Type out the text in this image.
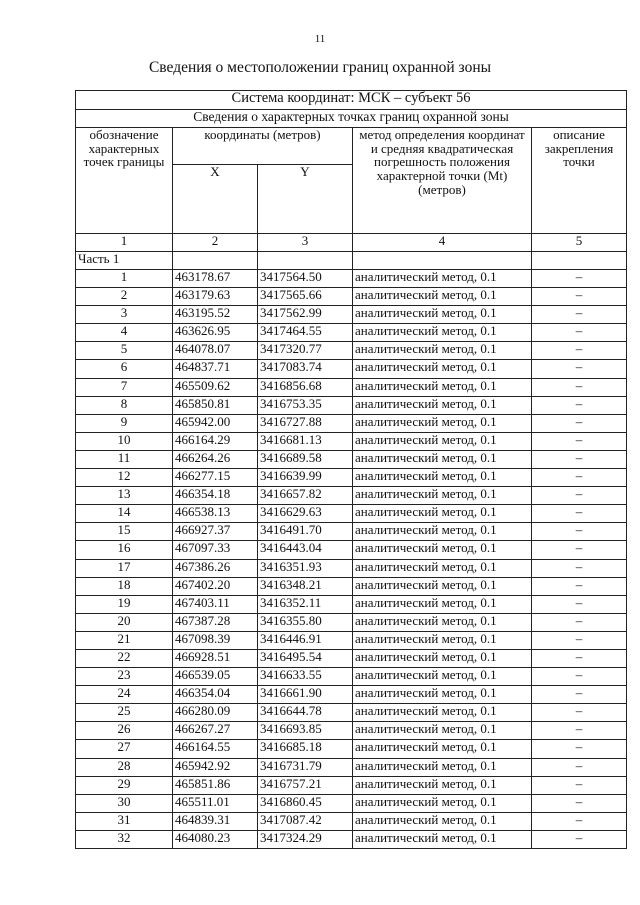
11
Сведения о местоположении границ охранной зоны
Система координат: МСК – субъект 56				
Сведения о характерных точках границ охранной зоны				
обозначение характерных точек границы	координаты (метров)		метод определения координат и средняя квадратическая погрешность положения характерной точки (Mt) (метров)	описание закрепления точки
	X	Y		
1	2	3	4	5
Часть 1				
1	463178.67	3417564.50	аналитический метод, 0.1	–
2	463179.63	3417565.66	аналитический метод, 0.1	–
3	463195.52	3417562.99	аналитический метод, 0.1	–
4	463626.95	3417464.55	аналитический метод, 0.1	–
5	464078.07	3417320.77	аналитический метод, 0.1	–
6	464837.71	3417083.74	аналитический метод, 0.1	–
7	465509.62	3416856.68	аналитический метод, 0.1	–
8	465850.81	3416753.35	аналитический метод, 0.1	–
9	465942.00	3416727.88	аналитический метод, 0.1	–
10	466164.29	3416681.13	аналитический метод, 0.1	–
11	466264.26	3416689.58	аналитический метод, 0.1	–
12	466277.15	3416639.99	аналитический метод, 0.1	–
13	466354.18	3416657.82	аналитический метод, 0.1	–
14	466538.13	3416629.63	аналитический метод, 0.1	–
15	466927.37	3416491.70	аналитический метод, 0.1	–
16	467097.33	3416443.04	аналитический метод, 0.1	–
17	467386.26	3416351.93	аналитический метод, 0.1	–
18	467402.20	3416348.21	аналитический метод, 0.1	–
19	467403.11	3416352.11	аналитический метод, 0.1	–
20	467387.28	3416355.80	аналитический метод, 0.1	–
21	467098.39	3416446.91	аналитический метод, 0.1	–
22	466928.51	3416495.54	аналитический метод, 0.1	–
23	466539.05	3416633.55	аналитический метод, 0.1	–
24	466354.04	3416661.90	аналитический метод, 0.1	–
25	466280.09	3416644.78	аналитический метод, 0.1	–
26	466267.27	3416693.85	аналитический метод, 0.1	–
27	466164.55	3416685.18	аналитический метод, 0.1	–
28	465942.92	3416731.79	аналитический метод, 0.1	–
29	465851.86	3416757.21	аналитический метод, 0.1	–
30	465511.01	3416860.45	аналитический метод, 0.1	–
31	464839.31	3417087.42	аналитический метод, 0.1	–
32	464080.23	3417324.29	аналитический метод, 0.1	–
